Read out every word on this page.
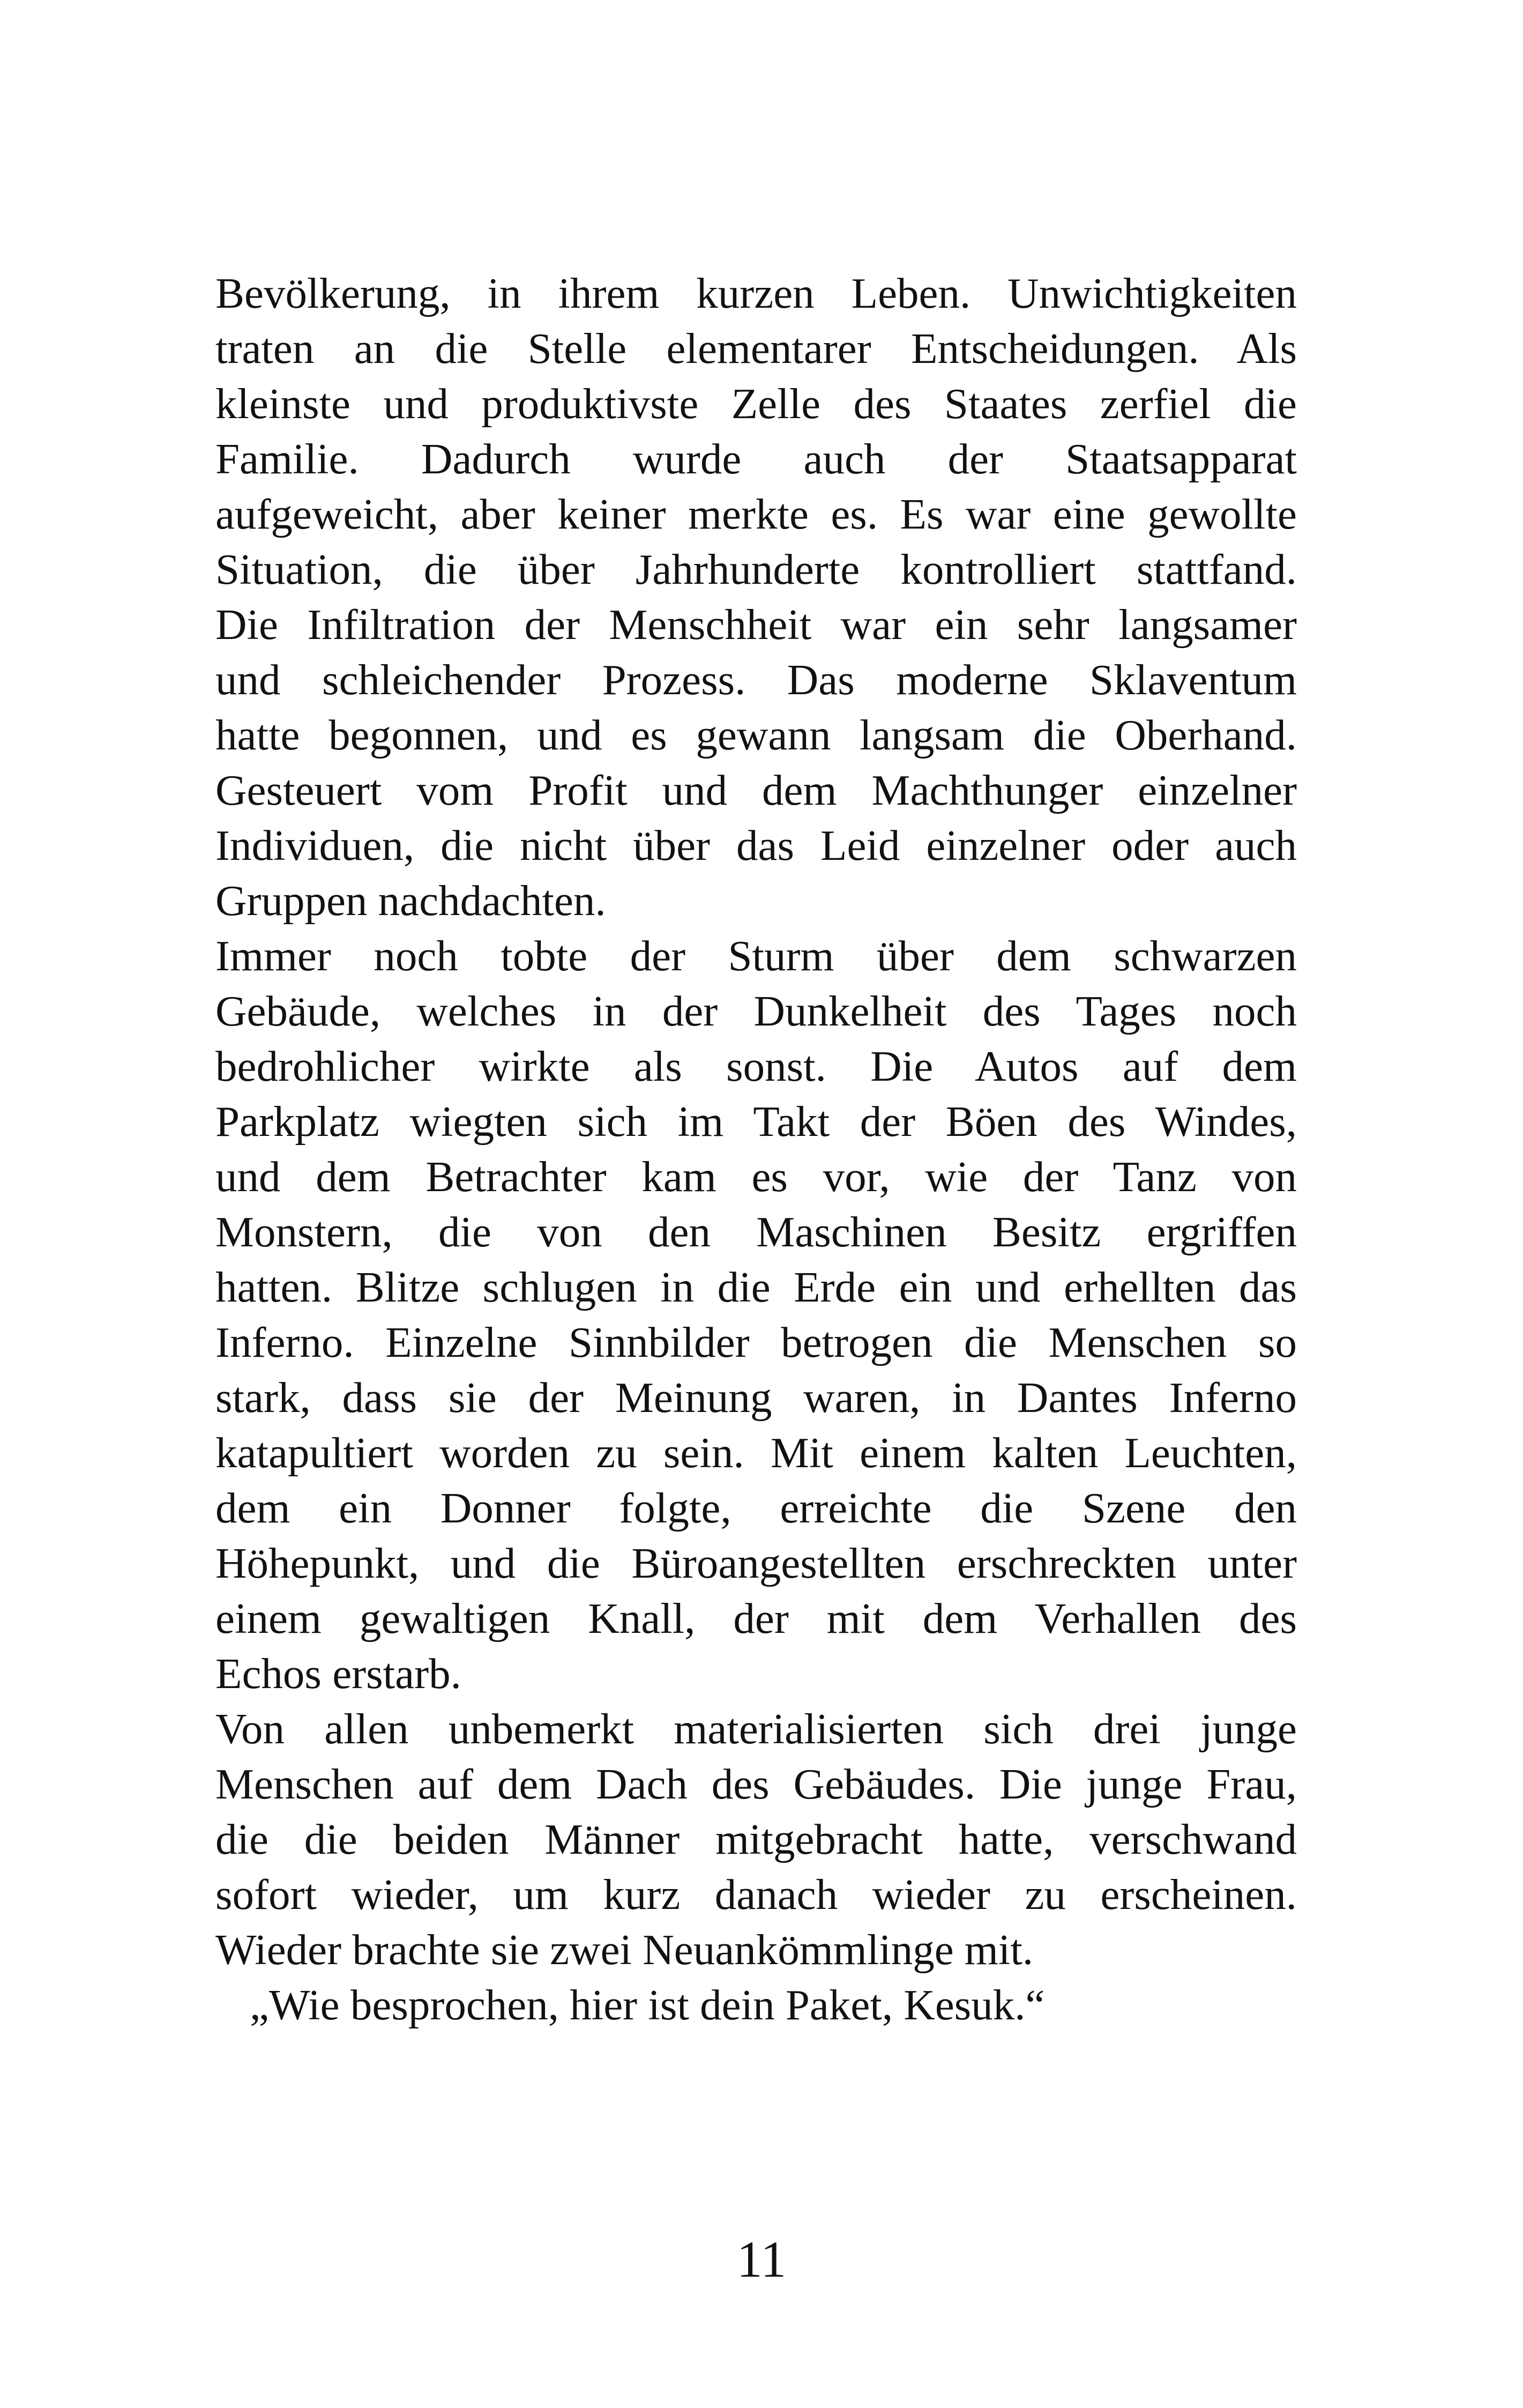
Bevölkerung, in ihrem kurzen Leben. Unwichtigkeiten
traten an die Stelle elementarer Entscheidungen. Als
kleinste und produktivste Zelle des Staates zerfiel die
Familie. Dadurch wurde auch der Staatsapparat
aufgeweicht, aber keiner merkte es. Es war eine gewollte
Situation, die über Jahrhunderte kontrolliert stattfand.
Die Infiltration der Menschheit war ein sehr langsamer
und schleichender Prozess. Das moderne Sklaventum
hatte begonnen, und es gewann langsam die Oberhand.
Gesteuert vom Profit und dem Machthunger einzelner
Individuen, die nicht über das Leid einzelner oder auch
Gruppen nachdachten.
Immer noch tobte der Sturm über dem schwarzen
Gebäude, welches in der Dunkelheit des Tages noch
bedrohlicher wirkte als sonst. Die Autos auf dem
Parkplatz wiegten sich im Takt der Böen des Windes,
und dem Betrachter kam es vor, wie der Tanz von
Monstern, die von den Maschinen Besitz ergriffen
hatten. Blitze schlugen in die Erde ein und erhellten das
Inferno. Einzelne Sinnbilder betrogen die Menschen so
stark, dass sie der Meinung waren, in Dantes Inferno
katapultiert worden zu sein. Mit einem kalten Leuchten,
dem ein Donner folgte, erreichte die Szene den
Höhepunkt, und die Büroangestellten erschreckten unter
einem gewaltigen Knall, der mit dem Verhallen des
Echos erstarb.
Von allen unbemerkt materialisierten sich drei junge
Menschen auf dem Dach des Gebäudes. Die junge Frau,
die die beiden Männer mitgebracht hatte, verschwand
sofort wieder, um kurz danach wieder zu erscheinen.
Wieder brachte sie zwei Neuankömmlinge mit.
„Wie besprochen, hier ist dein Paket, Kesuk.“
11
